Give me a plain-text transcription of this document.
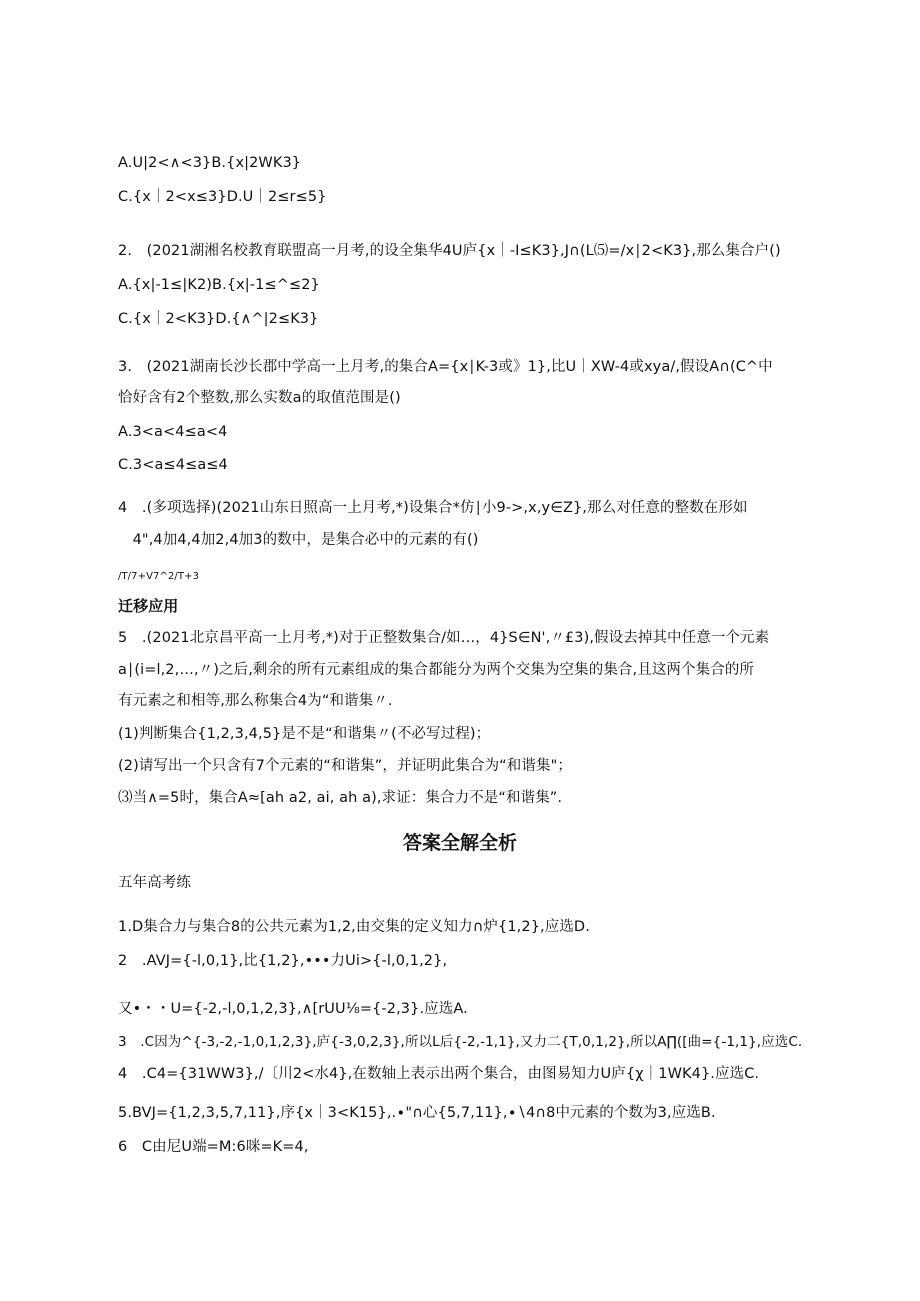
A.U|2<∧<3}B.{x|2WK3}
C.{x｜2<x≤3}D.U｜2≤r≤5}
2.　(2021湖湘名校教育联盟高一月考,的设全集华4U庐{x｜-I≤K3},J∩(L⑸=∕x∣2<K3},那么集合户()
A.{x|-1≤|K2)B.{x|-1≤^≤2}
C.{x｜2<K3}D.{∧^|2≤K3}
3.　(2021湖南长沙长郡中学高一上月考,的集合A={x∣K-3或》1},比U｜XW-4或xya∕,假设A∩(C^中
恰好含有2个整数,那么实数a的取值范围是()
A.3<a<4≤a<4
C.3<a≤4≤a≤4
4　.(多项选择)(2021山东日照高一上月考,*)设集合*仿∣小9->,x,y∈Z},那么对任意的整数在形如
　4",4加4,4加2,4加3的数中，是集合必中的元素的有()
∕T∕7+V7^2∕T+3
迁移应用
5　.(2021北京昌平高一上月考,*)对于正整数集合/如…，4}S∈N',〃£3),假设去掉其中任意一个元素
a∣(i=l,2,…,〃)之后,剩余的所有元素组成的集合都能分为两个交集为空集的集合,且这两个集合的所
有元素之和相等,那么称集合4为“和谐集〃.
(1)判断集合{1,2,3,4,5}是不是“和谐集〃(不必写过程)；
(2)请写出一个只含有7个元素的“和谐集”，并证明此集合为“和谐集"；
⑶当∧=5时，集合A≈[ah a2, ai, ah a),求证：集合力不是“和谐集”.
答案全解全析
五年高考练
1.D集合力与集合8的公共元素为1,2,由交集的定义知力∩炉{1,2},应选D.
2　.AVJ={-l,0,1},比{1,2},•••力Ui>{-l,0,1,2},
又•・・U={-2,-l,0,1,2,3},∧[rUU⅛={-2,3}.应选A.
3　.C因为^{-3,-2,-1,0,1,2,3},庐{-3,0,2,3},所以L后{-2,-1,1},又力二{T,0,1,2},所以A∏([曲={-1,1},应选C.
4　.C4={31WW3},∕〔川2<水4},在数轴上表示出两个集合，由图易知力U庐{χ｜1WK4}.应选C.
5.BVJ={1,2,3,5,7,11},序{x｜3<K15},.∙"∩心{5,7,11},∙∖4∩8中元素的个数为3,应选B.
6　C由尼U端=M:6咪=K=4,
